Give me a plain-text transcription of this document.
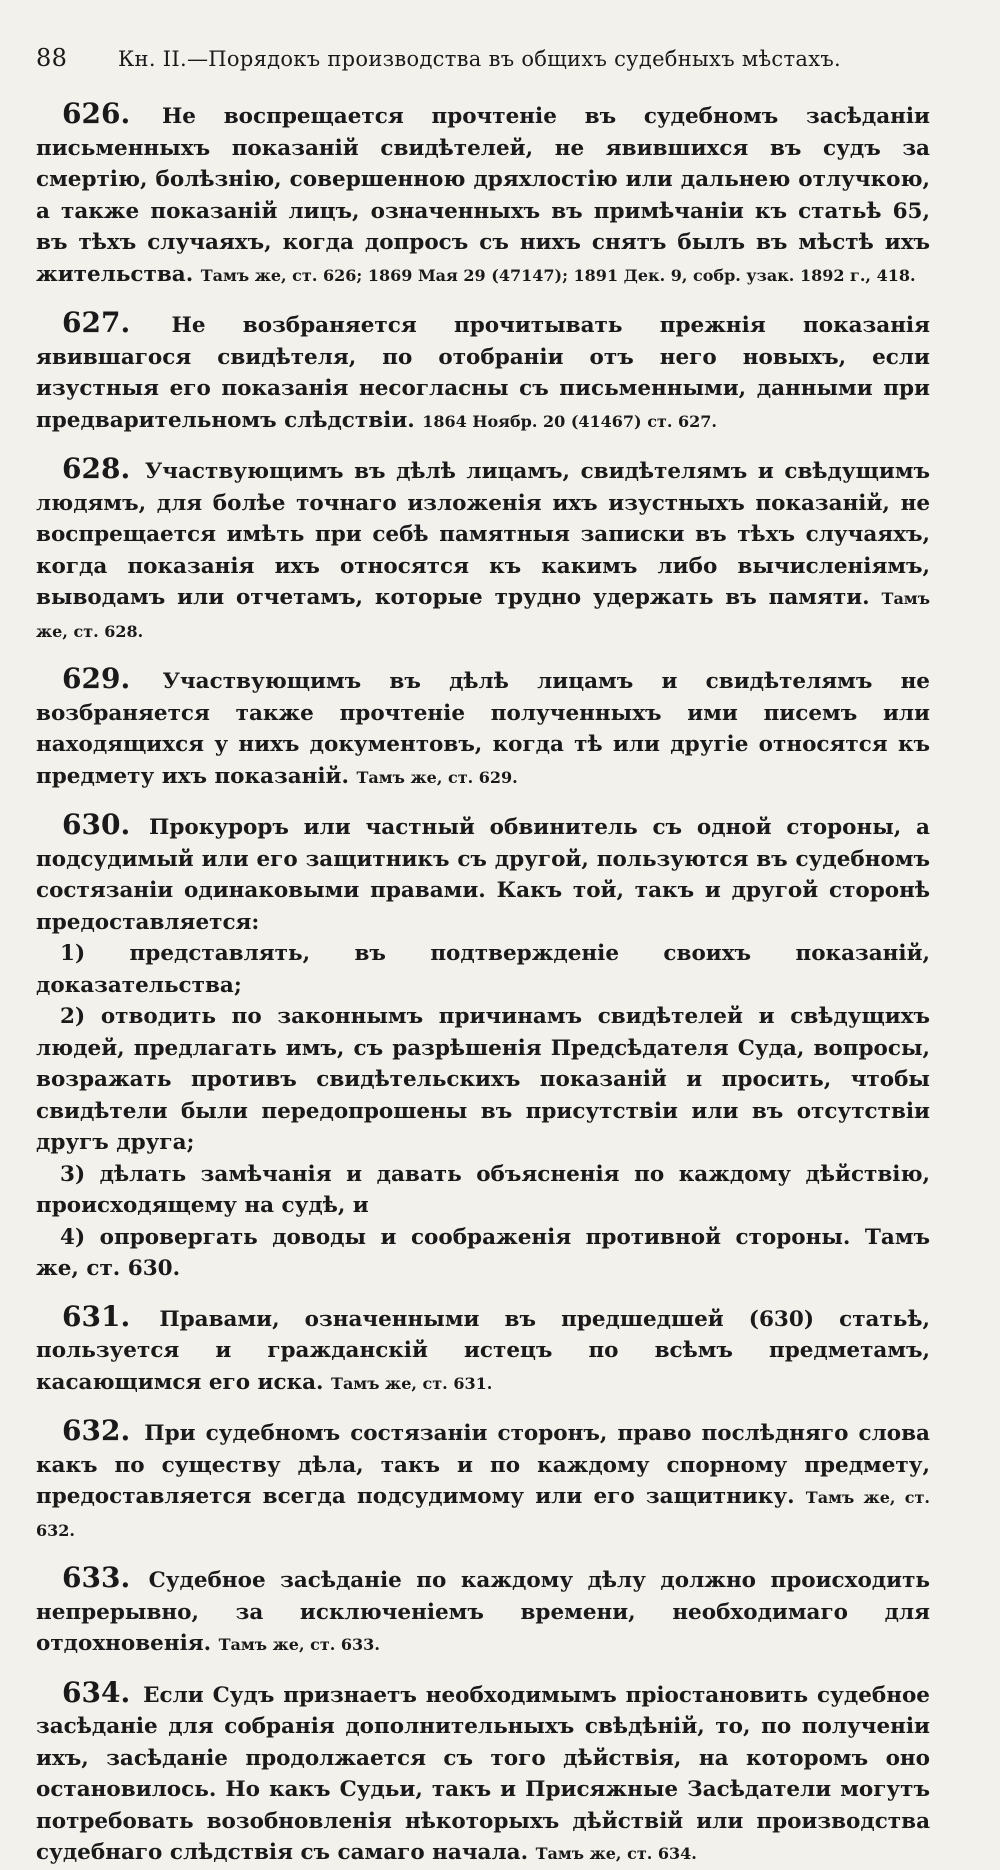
88	Кн. II.—Порядокъ производства въ общихъ судебныхъ мѣстахъ.

626. Не воспрещается прочтеніе въ судебномъ засѣданіи письменныхъ показаній свидѣтелей, не явившихся въ судъ за смертію, болѣзнію, совершенною дряхлостію или дальнею отлучкою, а также показаній лицъ, означенныхъ въ примѣчаніи къ статьѣ 65, въ тѣхъ случаяхъ, когда допросъ съ нихъ снятъ былъ въ мѣстѣ ихъ жительства. Тамъ же, ст. 626; 1869 Мая 29 (47147); 1891 Дек. 9, собр. узак. 1892 г., 418.

627. Не возбраняется прочитывать прежнія показанія явившагося свидѣтеля, по отобраніи отъ него новыхъ, если изустныя его показанія несогласны съ письменными, данными при предварительномъ слѣдствіи. 1864 Ноябр. 20 (41467) ст. 627.

628. Участвующимъ въ дѣлѣ лицамъ, свидѣтелямъ и свѣдущимъ людямъ, для болѣе точнаго изложенія ихъ изустныхъ показаній, не воспрещается имѣть при себѣ памятныя записки въ тѣхъ случаяхъ, когда показанія ихъ относятся къ какимъ либо вычисленіямъ, выводамъ или отчетамъ, которые трудно удержать въ памяти. Тамъ же, ст. 628.

629. Участвующимъ въ дѣлѣ лицамъ и свидѣтелямъ не возбраняется также прочтеніе полученныхъ ими писемъ или находящихся у нихъ документовъ, когда тѣ или другіе относятся къ предмету ихъ показаній. Тамъ же, ст. 629.

630. Прокуроръ или частный обвинитель съ одной стороны, а подсудимый или его защитникъ съ другой, пользуются въ судебномъ состязаніи одинаковыми правами. Какъ той, такъ и другой сторонѣ предоставляется:

1) представлять, въ подтвержденіе своихъ показаній, доказательства;

2) отводить по законнымъ причинамъ свидѣтелей и свѣдущихъ людей, предлагать имъ, съ разрѣшенія Предсѣдателя Суда, вопросы, возражать противъ свидѣтельскихъ показаній и просить, чтобы свидѣтели были передопрошены въ присутствіи или въ отсутствіи другъ друга;

3) дѣлать замѣчанія и давать объясненія по каждому дѣйствію, происходящему на судѣ, и

4) опровергать доводы и соображенія противной стороны. Тамъ же, ст. 630.

631. Правами, означенными въ предшедшей (630) статьѣ, пользуется и гражданскій истецъ по всѣмъ предметамъ, касающимся его иска. Тамъ же, ст. 631.

632. При судебномъ состязаніи сторонъ, право послѣдняго слова какъ по существу дѣла, такъ и по каждому спорному предмету, предоставляется всегда подсудимому или его защитнику. Тамъ же, ст. 632.

633. Судебное засѣданіе по каждому дѣлу должно происходить непрерывно, за исключеніемъ времени, необходимаго для отдохновенія. Тамъ же, ст. 633.

634. Если Судъ признаетъ необходимымъ пріостановить судебное засѣданіе для собранія дополнительныхъ свѣдѣній, то, по полученіи ихъ, засѣданіе продолжается съ того дѣйствія, на которомъ оно остановилось. Но какъ Судьи, такъ и Присяжные Засѣдатели могутъ потребовать возобновленія нѣкоторыхъ дѣйствій или производства судебнаго слѣдствія съ самаго начала. Тамъ же, ст. 634.
